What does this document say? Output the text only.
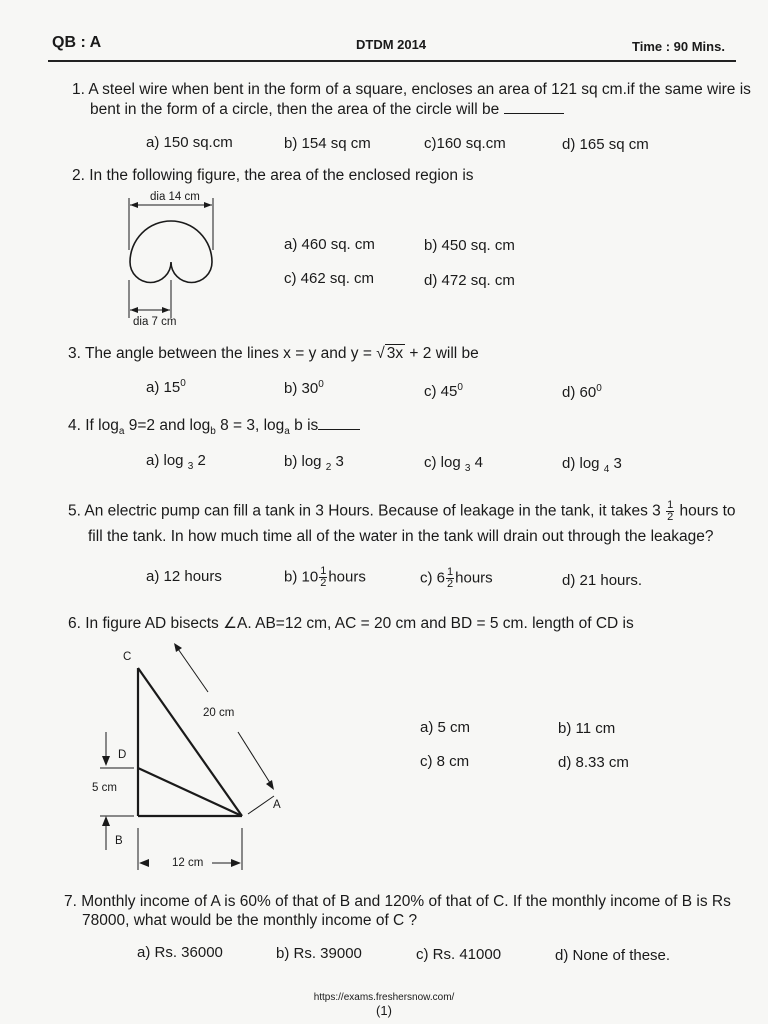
QB : A	DTDM 2014	Time : 90 Mins.
1. A steel wire when bent in the form of a square, encloses an area of 121 sq cm.if the same wire is
bent in the form of a circle, then the area of the circle will be
a) 150 sq.cm	b) 154 sq cm	c)160 sq.cm	d) 165 sq cm
2. In the following figure, the area of the enclosed region is
dia 14 cm
dia 7 cm
a) 460 sq. cm	b) 450 sq. cm
c) 462 sq. cm	d) 472 sq. cm
3. The angle between the lines x = y and y = √ 3x + 2 will be
a) $15^0$	b) $30^0$	c) $45^0$	d) $60^0$
4. If $\log_a 9=2$ and $\log_b 8 = 3$, $\log_a b$ is
a) log $_3$ 2	b) log $_2$ 3	c) log $_3$ 4	d) log $_4$ 3
5. An electric pump can fill a tank in 3 Hours. Because of leakage in the tank, it takes $3 \frac{1}{2}$ hours to
fill the tank. In how much time all of the water in the tank will drain out through the leakage?
a) 12 hours	b) $10 \frac{1}{2}$ hours	c) $6 \frac{1}{2}$ hours	d) 21 hours.
6. In figure AD bisects ∠A. AB=12 cm, AC = 20 cm and BD = 5 cm. length of CD is
C
D
B
A
20 cm
5 cm
12 cm
a) 5 cm	b) 11 cm
c) 8 cm	d) 8.33 cm
7. Monthly income of A is 60% of that of B and 120% of that of C. If the monthly income of B is Rs
78000, what would be the monthly income of C ?
a) Rs. 36000	b) Rs. 39000	c) Rs. 41000	d) None of these.
https://exams.freshersnow.com/
(1)
